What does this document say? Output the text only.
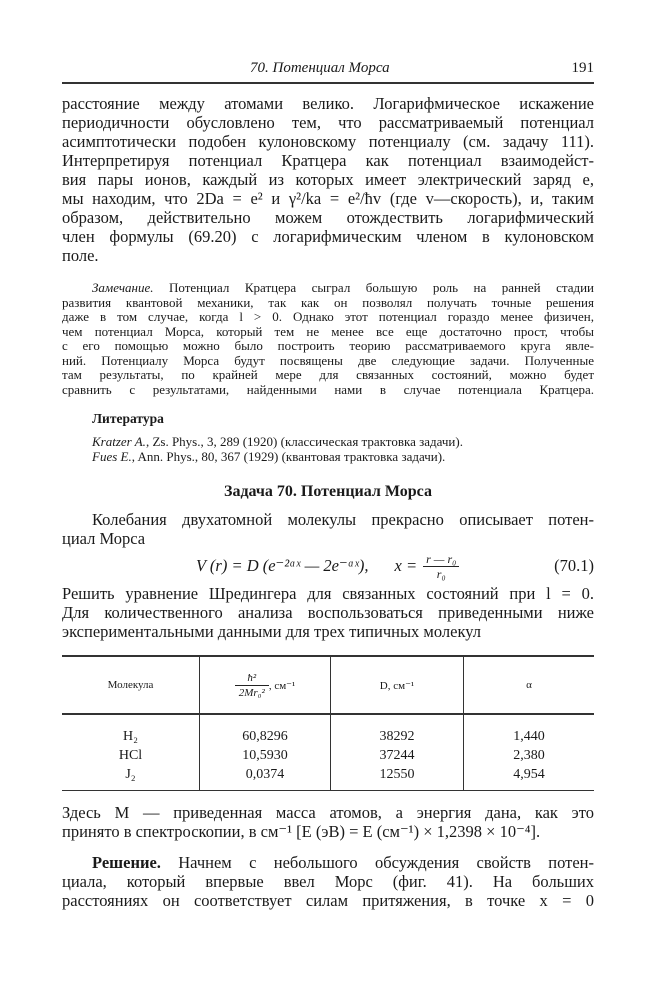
70. Потенциал Морса	191
расстояние между атомами велико. Логарифмическое искажение
периодичности обусловлено тем, что рассматриваемый потенциал
асимптотически подобен кулоновскому потенциалу (см. задачу 111).
Интерпретируя потенциал Кратцера как потенциал взаимодейст-
вия пары ионов, каждый из которых имеет электрический заряд e,
мы находим, что 2Da = e² и γ²/ka = e²/ħv (где v—скорость), и, таким
образом, действительно можем отождествить логарифмический
член формулы (69.20) с логарифмическим членом в кулоновском
поле.
Замечание. Потенциал Кратцера сыграл большую роль на ранней стадии
развития квантовой механики, так как он позволял получать точные решения
даже в том случае, когда l > 0. Однако этот потенциал гораздо менее физичен,
чем потенциал Морса, который тем не менее все еще достаточно прост, чтобы
с его помощью можно было построить теорию рассматриваемого круга явле-
ний. Потенциалу Морса будут посвящены две следующие задачи. Полученные
там результаты, по крайней мере для связанных состояний, можно будет
сравнить с результатами, найденными нами в случае потенциала Кратцера.
Литература
Kratzer A., Zs. Phys., 3, 289 (1920) (классическая трактовка задачи).
Fues E., Ann. Phys., 80, 367 (1929) (квантовая трактовка задачи).
Задача 70. Потенциал Морса
Колебания двухатомной молекулы прекрасно описывает потен-
циал Морса
V (r) = D (e⁻²ᵅˣ — 2e⁻ᵅˣ), $x = \frac{\text{r — r₀}}{\text{r₀}}$	(70.1)
Решить уравнение Шредингера для связанных состояний при l = 0.
Для количественного анализа воспользоваться приведенными ниже
экспериментальными данными для трех типичных молекул
Молекула	$\frac{\text{ħ²}}{\text{2Mr₀²}}$ , см⁻¹	D, см⁻¹	α
H₂	60,8296	38292	1,440
HCl	10,5930	37244	2,380
J₂	0,0374	12550	4,954
Здесь M — приведенная масса атомов, а энергия дана, как это
принято в спектроскопии, в см⁻¹ [E (эВ) = E (см⁻¹) × 1,2398 × 10⁻⁴].
Решение. Начнем с небольшого обсуждения свойств потен-
циала, который впервые ввел Морс (фиг. 41). На больших
расстояниях он соответствует силам притяжения, в точке x = 0
